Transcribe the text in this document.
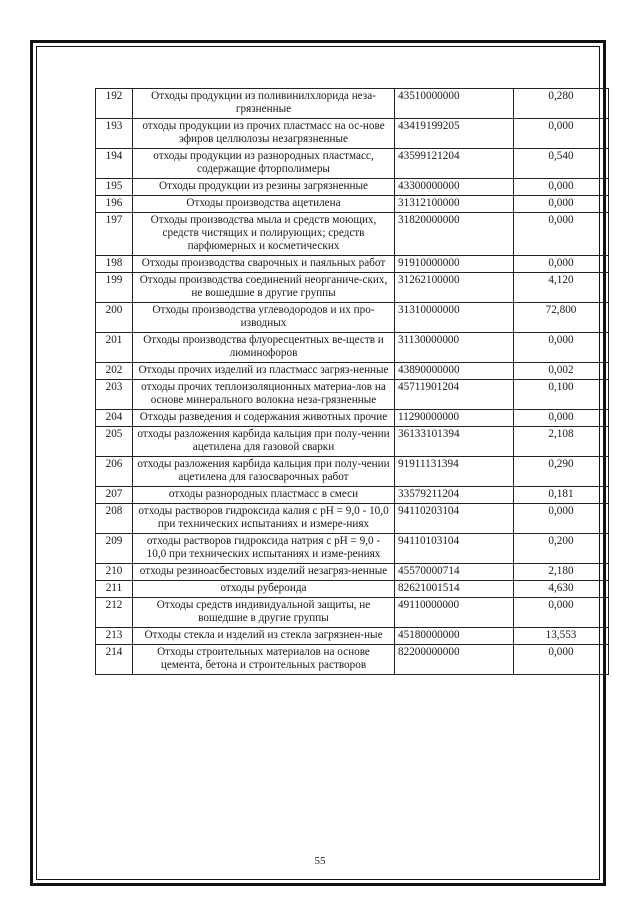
192	Отходы продукции из поливинилхлорида неза-грязненные	43510000000	0,280
193	отходы продукции из прочих пластмасс на ос-нове эфиров целлюлозы незагрязненные	43419199205	0,000
194	отходы продукции из разнородных пластмасс, содержащие фторполимеры	43599121204	0,540
195	Отходы продукции из резины загрязненные	43300000000	0,000
196	Отходы производства ацетилена	31312100000	0,000
197	Отходы производства мыла и средств моющих, средств чистящих и полирующих; средств парфюмерных и косметических	31820000000	0,000
198	Отходы производства сварочных и паяльных работ	91910000000	0,000
199	Отходы производства соединений неорганиче-ских, не вошедшие в другие группы	31262100000	4,120
200	Отходы производства углеводородов и их про-изводных	31310000000	72,800
201	Отходы производства флуоресцентных ве-ществ и люминофоров	31130000000	0,000
202	Отходы прочих изделий из пластмасс загряз-ненные	43890000000	0,002
203	отходы прочих теплоизоляционных материа-лов на основе минерального волокна неза-грязненные	45711901204	0,100
204	Отходы разведения и содержания животных прочие	11290000000	0,000
205	отходы разложения карбида кальция при полу-чении ацетилена для газовой сварки	36133101394	2,108
206	отходы разложения карбида кальция при полу-чении ацетилена для газосварочных работ	91911131394	0,290
207	отходы разнородных пластмасс в смеси	33579211204	0,181
208	отходы растворов гидроксида калия с pH = 9,0 - 10,0 при технических испытаниях и измере-ниях	94110203104	0,000
209	отходы растворов гидроксида натрия с pH = 9,0 - 10,0 при технических испытаниях и изме-рениях	94110103104	0,200
210	отходы резиноасбестовых изделий незагряз-ненные	45570000714	2,180
211	отходы рубероида	82621001514	4,630
212	Отходы средств индивидуальной защиты, не вошедшие в другие группы	49110000000	0,000
213	Отходы стекла и изделий из стекла загрязнен-ные	45180000000	13,553
214	Отходы строительных материалов на основе цемента, бетона и строительных растворов	82200000000	0,000
55
